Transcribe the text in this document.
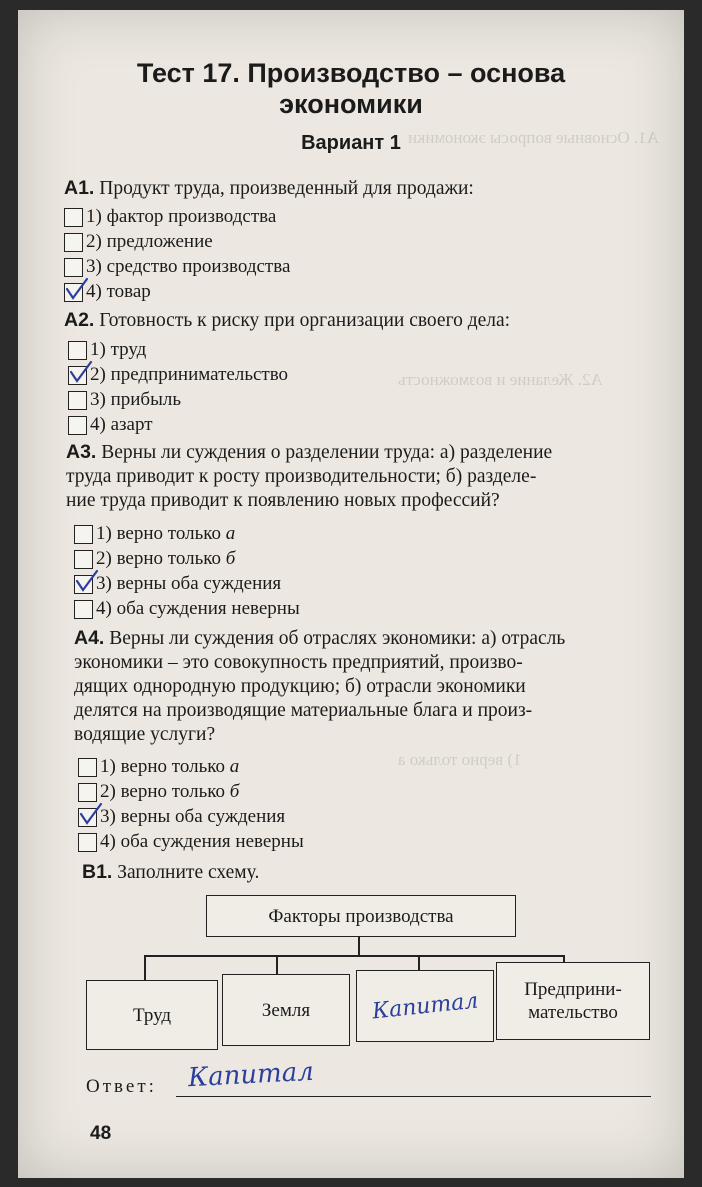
А1. Основные вопросы экономики
А2. Желание и возможность
1) верно только а
Тест 17. Производство – основа
экономики
Вариант 1
А1. Продукт труда, произведенный для продажи:
1) фактор производства
2) предложение
3) средство производства
4) товар
А2. Готовность к риску при организации своего дела:
1) труд
2) предпринимательство
3) прибыль
4) азарт
А3. Верны ли суждения о разделении труда: а) разделение
труда приводит к росту производительности; б) разделе-
ние труда приводит к появлению новых профессий?
1) верно только а
2) верно только б
3) верны оба суждения
4) оба суждения неверны
А4. Верны ли суждения об отраслях экономики: а) отрасль
экономики – это совокупность предприятий, произво-
дящих однородную продукцию; б) отрасли экономики
делятся на производящие материальные блага и произ-
водящие услуги?
1) верно только а
2) верно только б
3) верны оба суждения
4) оба суждения неверны
В1. Заполните схему.
Факторы производства
Труд	Земля	Капитал Предприни-
мательство
Ответ: Капитал
48
